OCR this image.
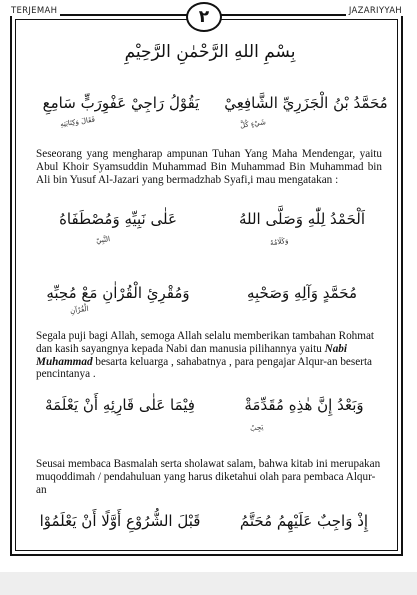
TERJEMAH	JAZARIYYAH
٢
بِسْمِ اللهِ الرَّحْمٰنِ الرَّحِيْمِ
مُحَمَّدُ بْنُ الْجَزَرِيِّ الشَّافِعِيْ
يَقُوْلُ رَاجِيْ عَفْوِرَبٍّ سَامِعِ
فَقَالَ وَكِتَابَتِهِ	شَيْءٍ كُلَّ
Seseorang yang mengharap ampunan Tuhan Yang Maha Mendengar, yaitu Abul Khoir Syamsuddin Muhammad Bin Muhammad Bin Muhammad bin Ali bin Yusuf Al-Jazari yang bermadzhab Syafi,i mau mengatakan :
اَلْحَمْدُ لِلّٰهِ وَصَلَّى اللهُ
عَلٰى نَبِيِّهِ وَمُصْطَفَاهُ
النَّبِيّ	وَكَلَامُهُ
مُحَمَّدٍ وَآلِهِ وَصَحْبِهِ
وَمُقْرِئِ الْقُرْاٰنِ مَعْ مُحِبِّهِ
الْقُرْآنِ
Segala puji bagi Allah, semoga Allah selalu memberikan tambahan Rohmat dan kasih sayangnya kepada Nabi dan manusia pilihannya yaitu Nabi Muhammad besarta keluarga , sahabatnya , para pengajar Alqur-an beserta pencintanya .
وَبَعْدُ إِنَّ هٰذِهِ مُقَدِّمَةْ
فِيْمَا عَلٰى قَارِئِهِ أَنْ يَعْلَمَهْ
يَجِبُ
Seusai membaca Basmalah serta sholawat salam, bahwa kitab ini merupakan muqoddimah / pendahuluan yang harus diketahui olah para pembaca Alqur-an
إِذْ وَاجِبٌ عَلَيْهِمُ مُحَتَّمُ
قَبْلَ الشُّرُوْعِ أَوَّلًا أَنْ يَعْلَمُوْا
